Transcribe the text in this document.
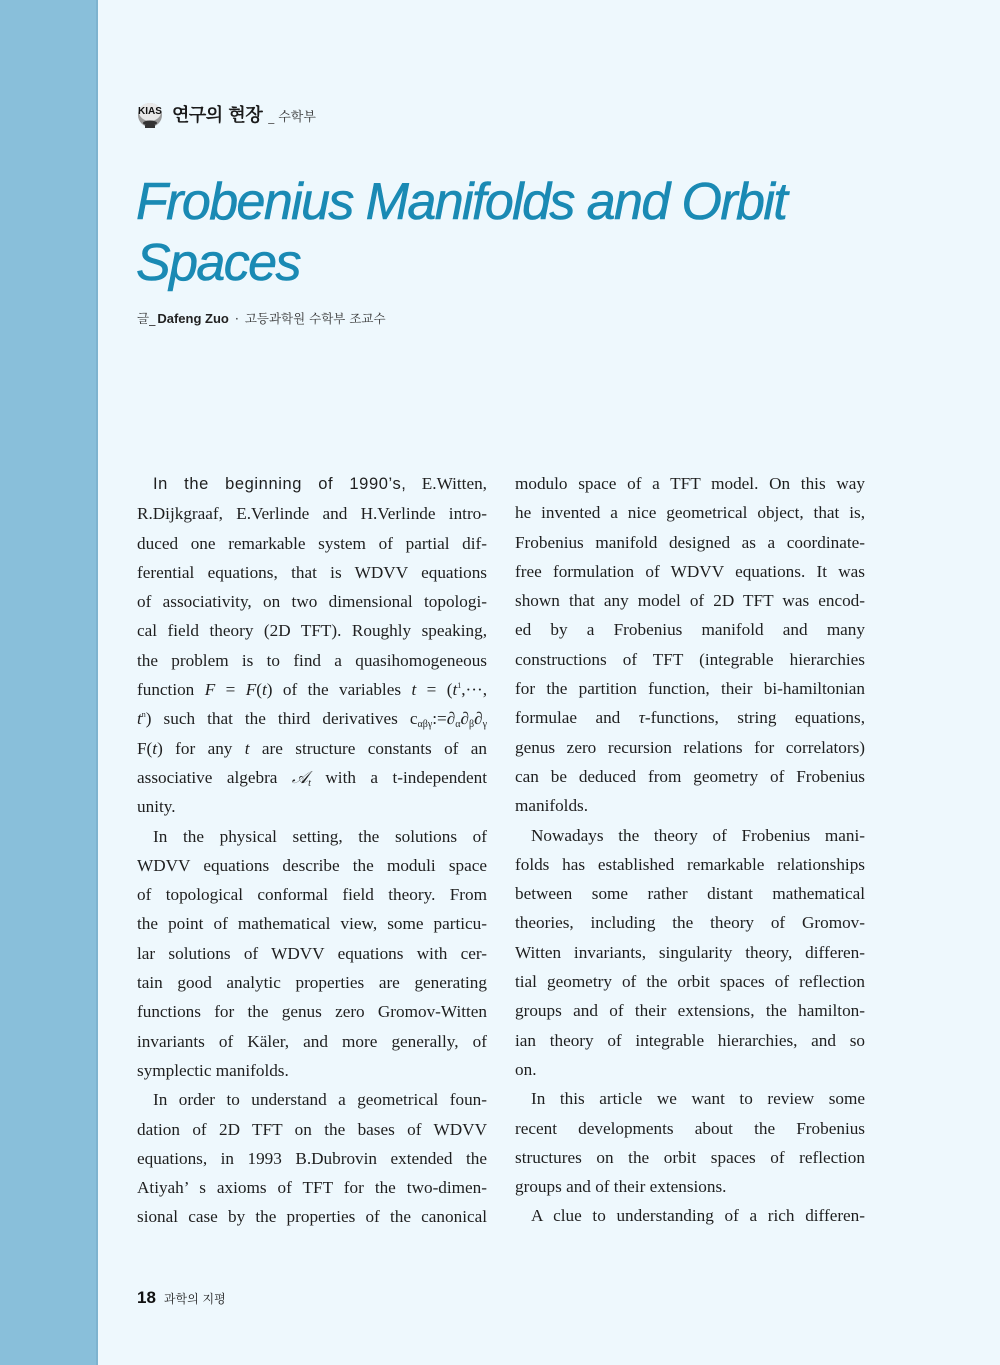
KIAS 연구의 현장 _ 수학부
Frobenius Manifolds and Orbit
Spaces
글_ Dafeng Zuo · 고등과학원 수학부 조교수
In the beginning of 1990’s, E.Witten,
R.Dijkgraaf, E.Verlinde and H.Verlinde intro-
duced one remarkable system of partial dif-
ferential equations, that is WDVV equations
of associativity, on two dimensional topologi-
cal field theory (2D TFT). Roughly speaking,
the problem is to find a quasihomogeneous
function F = F(t) of the variables $t = (t^1,\cdot\cdot\cdot$,
$t^n$) such that the third derivatives $c_{\alpha\beta\gamma}:=\partial_\alpha\partial_\beta\partial_\gamma$
F(t) for any t are structure constants of an
associative algebra 𝒜$_t$ with a t-independent
unity.
In the physical setting, the solutions of
WDVV equations describe the moduli space
of topological conformal field theory. From
the point of mathematical view, some particu-
lar solutions of WDVV equations with cer-
tain good analytic properties are generating
functions for the genus zero Gromov-Witten
invariants of Käler, and more generally, of
symplectic manifolds.
In order to understand a geometrical foun-
dation of 2D TFT on the bases of WDVV
equations, in 1993 B.Dubrovin extended the
Atiyah’ s axioms of TFT for the two-dimen-
sional case by the properties of the canonical
modulo space of a TFT model. On this way
he invented a nice geometrical object, that is,
Frobenius manifold designed as a coordinate-
free formulation of WDVV equations. It was
shown that any model of 2D TFT was encod-
ed by a Frobenius manifold and many
constructions of TFT (integrable hierarchies
for the partition function, their bi-hamiltonian
formulae and τ-functions, string equations,
genus zero recursion relations for correlators)
can be deduced from geometry of Frobenius
manifolds.
Nowadays the theory of Frobenius mani-
folds has established remarkable relationships
between some rather distant mathematical
theories, including the theory of Gromov-
Witten invariants, singularity theory, differen-
tial geometry of the orbit spaces of reflection
groups and of their extensions, the hamilton-
ian theory of integrable hierarchies, and so
on.
In this article we want to review some
recent developments about the Frobenius
structures on the orbit spaces of reflection
groups and of their extensions.
A clue to understanding of a rich differen-
18 과학의 지평
